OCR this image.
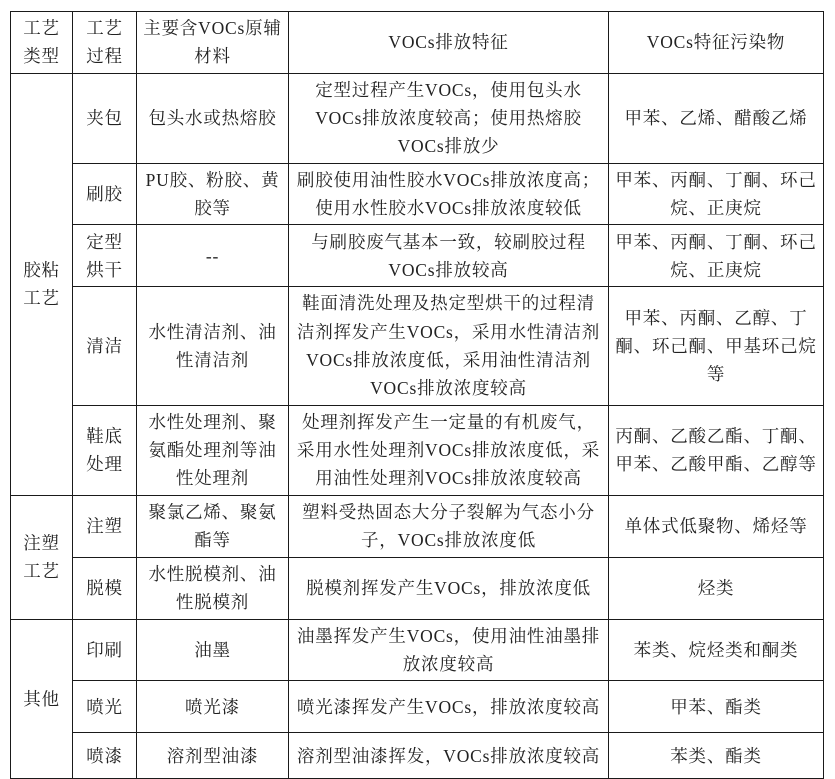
工艺类型	工艺过程	主要含VOCs原辅材料	VOCs排放特征	VOCs特征污染物
胶粘工艺	夹包	包头水或热熔胶	定型过程产生VOCs，使用包头水VOCs排放浓度较高；使用热熔胶VOCs排放少	甲苯、乙烯、醋酸乙烯
	刷胶	PU胶、粉胶、黄胶等	刷胶使用油性胶水VOCs排放浓度高；使用水性胶水VOCs排放浓度较低	甲苯、丙酮、丁酮、环己烷、正庚烷
	定型烘干	--	与刷胶废气基本一致，较刷胶过程VOCs排放较高	甲苯、丙酮、丁酮、环己烷、正庚烷
	清洁	水性清洁剂、油性清洁剂	鞋面清洗处理及热定型烘干的过程清洁剂挥发产生VOCs，采用水性清洁剂VOCs排放浓度低，采用油性清洁剂VOCs排放浓度较高	甲苯、丙酮、乙醇、丁酮、环己酮、甲基环己烷等
	鞋底处理	水性处理剂、聚氨酯处理剂等油性处理剂	处理剂挥发产生一定量的有机废气，采用水性处理剂VOCs排放浓度低，采用油性处理剂VOCs排放浓度较高	丙酮、乙酸乙酯、丁酮、甲苯、乙酸甲酯、乙醇等
注塑工艺	注塑	聚氯乙烯、聚氨酯等	塑料受热固态大分子裂解为气态小分子，VOCs排放浓度低	单体式低聚物、烯烃等
	脱模	水性脱模剂、油性脱模剂	脱模剂挥发产生VOCs，排放浓度低	烃类
其他	印刷	油墨	油墨挥发产生VOCs，使用油性油墨排放浓度较高	苯类、烷烃类和酮类
	喷光	喷光漆	喷光漆挥发产生VOCs，排放浓度较高	甲苯、酯类
	喷漆	溶剂型油漆	溶剂型油漆挥发，VOCs排放浓度较高	苯类、酯类
